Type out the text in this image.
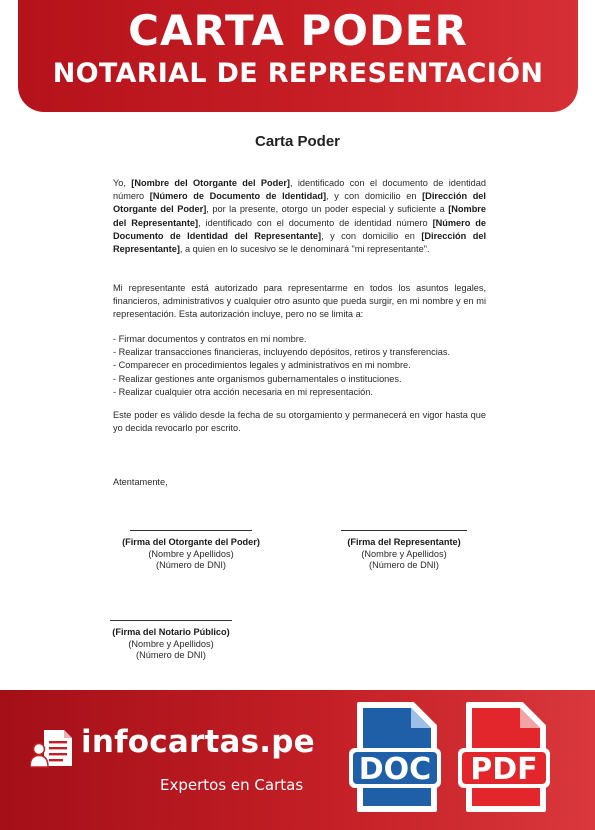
CARTA PODER
NOTARIAL DE REPRESENTACIÓN
Carta Poder
Yo, [Nombre del Otorgante del Poder], identificado con el documento de identidad número [Número de Documento de Identidad], y con domicilio en [Dirección del Otorgante del Poder], por la presente, otorgo un poder especial y suficiente a [Nombre del Representante], identificado con el documento de identidad número [Número de Documento de Identidad del Representante], y con domicilio en [Dirección del Representante], a quien en lo sucesivo se le denominará "mi representante".
Mi representante está autorizado para representarme en todos los asuntos legales, financieros, administrativos y cualquier otro asunto que pueda surgir, en mi nombre y en mi representación. Esta autorización incluye, pero no se limita a:
- Firmar documentos y contratos en mi nombre.
- Realizar transacciones financieras, incluyendo depósitos, retiros y transferencias.
- Comparecer en procedimientos legales y administrativos en mi nombre.
- Realizar gestiones ante organismos gubernamentales o instituciones.
- Realizar cualquier otra acción necesaria en mi representación.
Este poder es válido desde la fecha de su otorgamiento y permanecerá en vigor hasta que yo decida revocarlo por escrito.
Atentamente,
(Firma del Otorgante del Poder)
(Nombre y Apellidos)
(Número de DNI)
(Firma del Representante)
(Nombre y Apellidos)
(Número de DNI)
(Firma del Notario Público)
(Nombre y Apellidos)
(Número de DNI)
infocartas.pe
Expertos en Cartas DOC PDF
